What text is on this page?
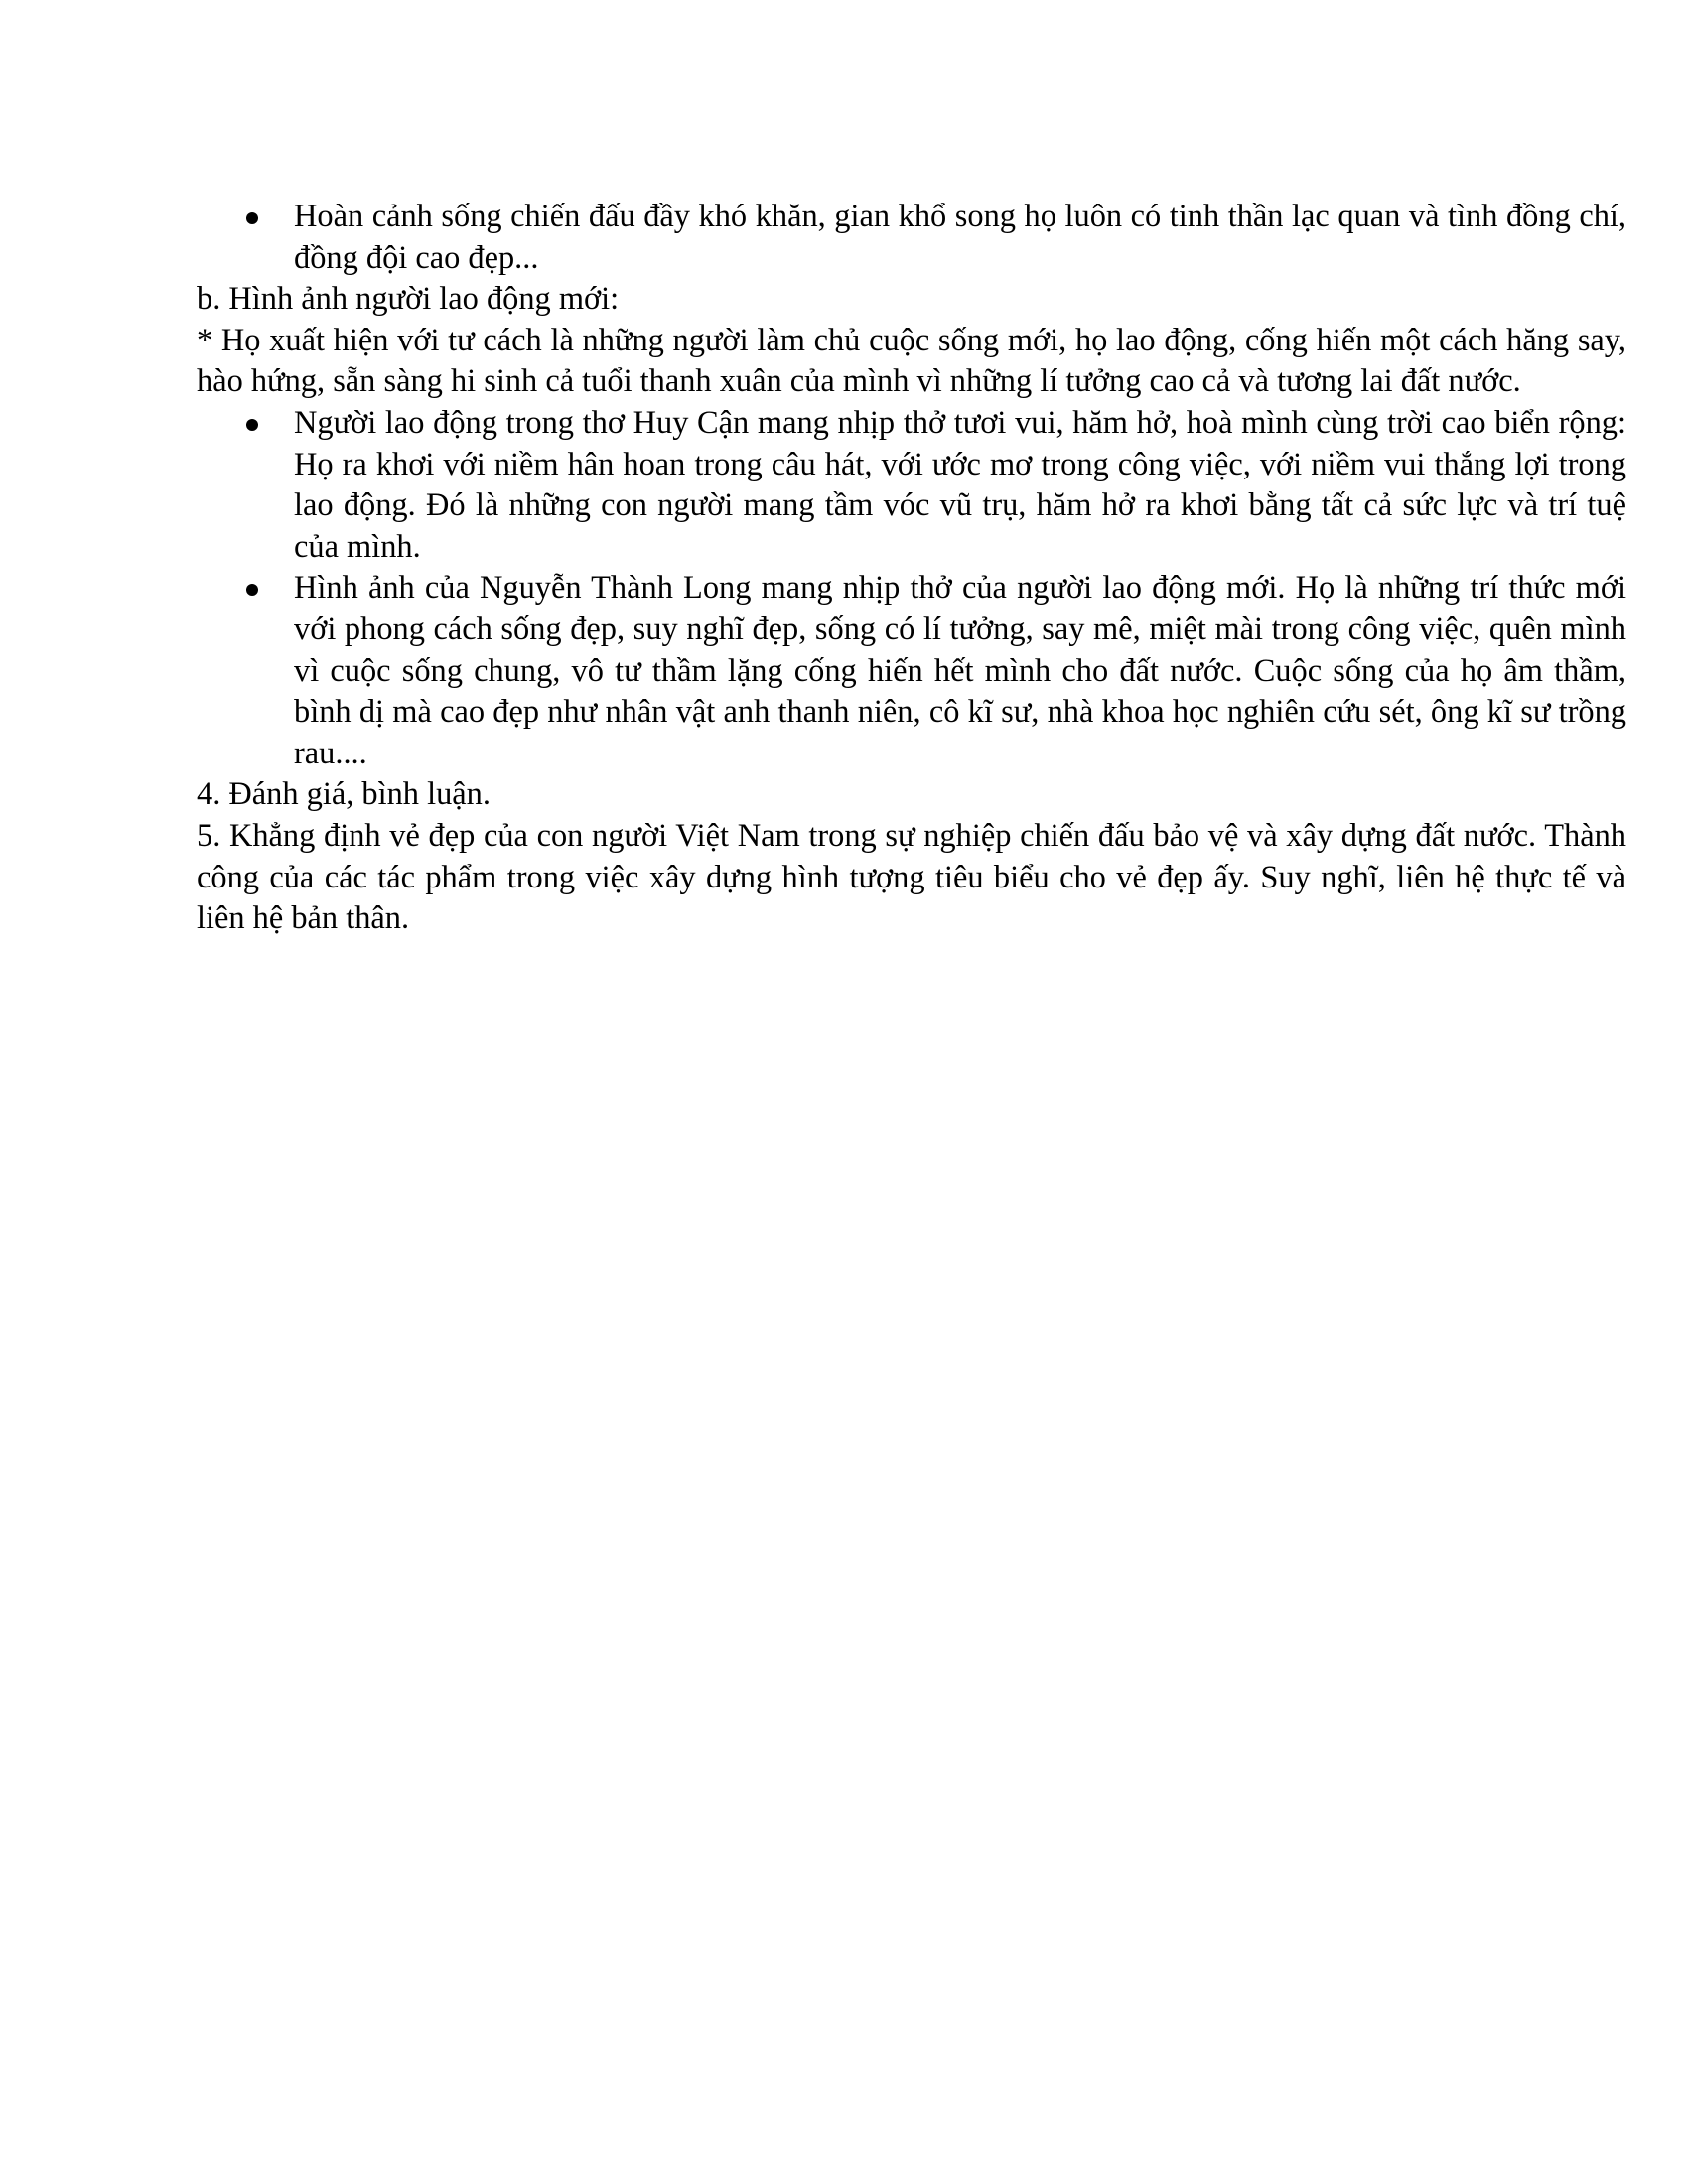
Hoàn cảnh sống chiến đấu đầy khó khăn, gian khổ song họ luôn có tinh thần lạc quan và tình đồng chí, đồng đội cao đẹp...

b. Hình ảnh người lao động mới:

* Họ xuất hiện với tư cách là những người làm chủ cuộc sống mới, họ lao động, cống hiến một cách hăng say, hào hứng, sẵn sàng hi sinh cả tuổi thanh xuân của mình vì những lí tưởng cao cả và tương lai đất nước.

Người lao động trong thơ Huy Cận mang nhịp thở tươi vui, hăm hở, hoà mình cùng trời cao biển rộng: Họ ra khơi với niềm hân hoan trong câu hát, với ước mơ trong công việc, với niềm vui thắng lợi trong lao động. Đó là những con người mang tầm vóc vũ trụ, hăm hở ra khơi bằng tất cả sức lực và trí tuệ của mình.
Hình ảnh của Nguyễn Thành Long mang nhịp thở của người lao động mới. Họ là những trí thức mới với phong cách sống đẹp, suy nghĩ đẹp, sống có lí tưởng, say mê, miệt mài trong công việc, quên mình vì cuộc sống chung, vô tư thầm lặng cống hiến hết mình cho đất nước. Cuộc sống của họ âm thầm, bình dị mà cao đẹp như nhân vật anh thanh niên, cô kĩ sư, nhà khoa học nghiên cứu sét, ông kĩ sư trồng rau....

4. Đánh giá, bình luận.

5. Khẳng định vẻ đẹp của con người Việt Nam trong sự nghiệp chiến đấu bảo vệ và xây dựng đất nước. Thành công của các tác phẩm trong việc xây dựng hình tượng tiêu biểu cho vẻ đẹp ấy. Suy nghĩ, liên hệ thực tế và liên hệ bản thân.
